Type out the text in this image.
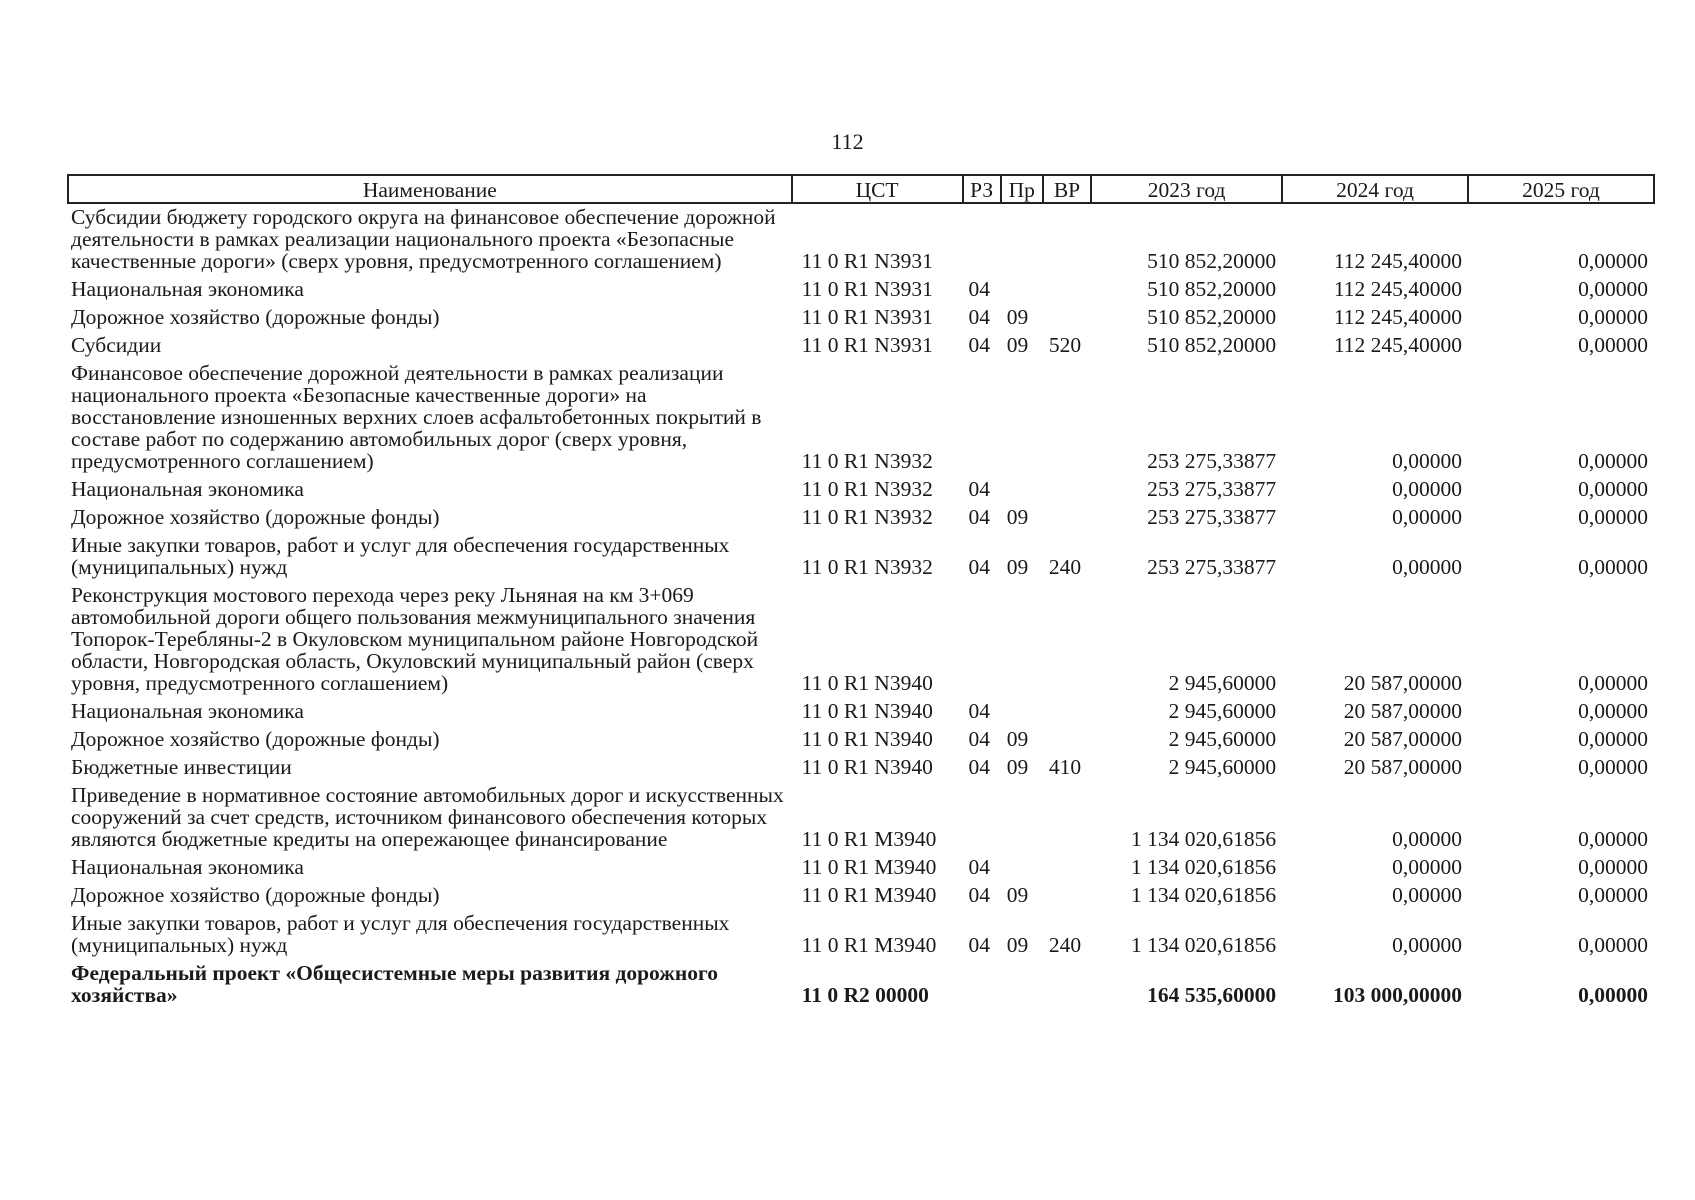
112
Наименование	ЦСТ	РЗ	Пр	ВР	2023 год	2024 год	2025 год
Субсидии бюджету городского округа на финансовое обеспечение дорожной деятельности в рамках реализации национального проекта «Безопасные качественные дороги» (сверх уровня, предусмотренного соглашением)	11 0 R1 N3931				510 852,20000	112 245,40000	0,00000
Национальная экономика	11 0 R1 N3931	04			510 852,20000	112 245,40000	0,00000
Дорожное хозяйство (дорожные фонды)	11 0 R1 N3931	04	09		510 852,20000	112 245,40000	0,00000
Субсидии	11 0 R1 N3931	04	09	520	510 852,20000	112 245,40000	0,00000
Финансовое обеспечение дорожной деятельности в рамках реализации национального проекта «Безопасные качественные дороги» на восстановление изношенных верхних слоев асфальтобетонных покрытий в составе работ по содержанию автомобильных дорог (сверх уровня, предусмотренного соглашением)	11 0 R1 N3932				253 275,33877	0,00000	0,00000
Национальная экономика	11 0 R1 N3932	04			253 275,33877	0,00000	0,00000
Дорожное хозяйство (дорожные фонды)	11 0 R1 N3932	04	09		253 275,33877	0,00000	0,00000
Иные закупки товаров, работ и услуг для обеспечения государственных (муниципальных) нужд	11 0 R1 N3932	04	09	240	253 275,33877	0,00000	0,00000
Реконструкция мостового перехода через реку Льняная на км 3+069 автомобильной дороги общего пользования межмуниципального значения Топорок-Теребляны-2 в Окуловском муниципальном районе Новгородской области, Новгородская область, Окуловский муниципальный район (сверх уровня, предусмотренного соглашением)	11 0 R1 N3940				2 945,60000	20 587,00000	0,00000
Национальная экономика	11 0 R1 N3940	04			2 945,60000	20 587,00000	0,00000
Дорожное хозяйство (дорожные фонды)	11 0 R1 N3940	04	09		2 945,60000	20 587,00000	0,00000
Бюджетные инвестиции	11 0 R1 N3940	04	09	410	2 945,60000	20 587,00000	0,00000
Приведение в нормативное состояние автомобильных дорог и искусственных сооружений за счет средств, источником финансового обеспечения которых являются бюджетные кредиты на опережающее финансирование	11 0 R1 M3940				1 134 020,61856	0,00000	0,00000
Национальная экономика	11 0 R1 M3940	04			1 134 020,61856	0,00000	0,00000
Дорожное хозяйство (дорожные фонды)	11 0 R1 M3940	04	09		1 134 020,61856	0,00000	0,00000
Иные закупки товаров, работ и услуг для обеспечения государственных (муниципальных) нужд	11 0 R1 M3940	04	09	240	1 134 020,61856	0,00000	0,00000
Федеральный проект «Общесистемные меры развития дорожного хозяйства»	11 0 R2 00000				164 535,60000	103 000,00000	0,00000
